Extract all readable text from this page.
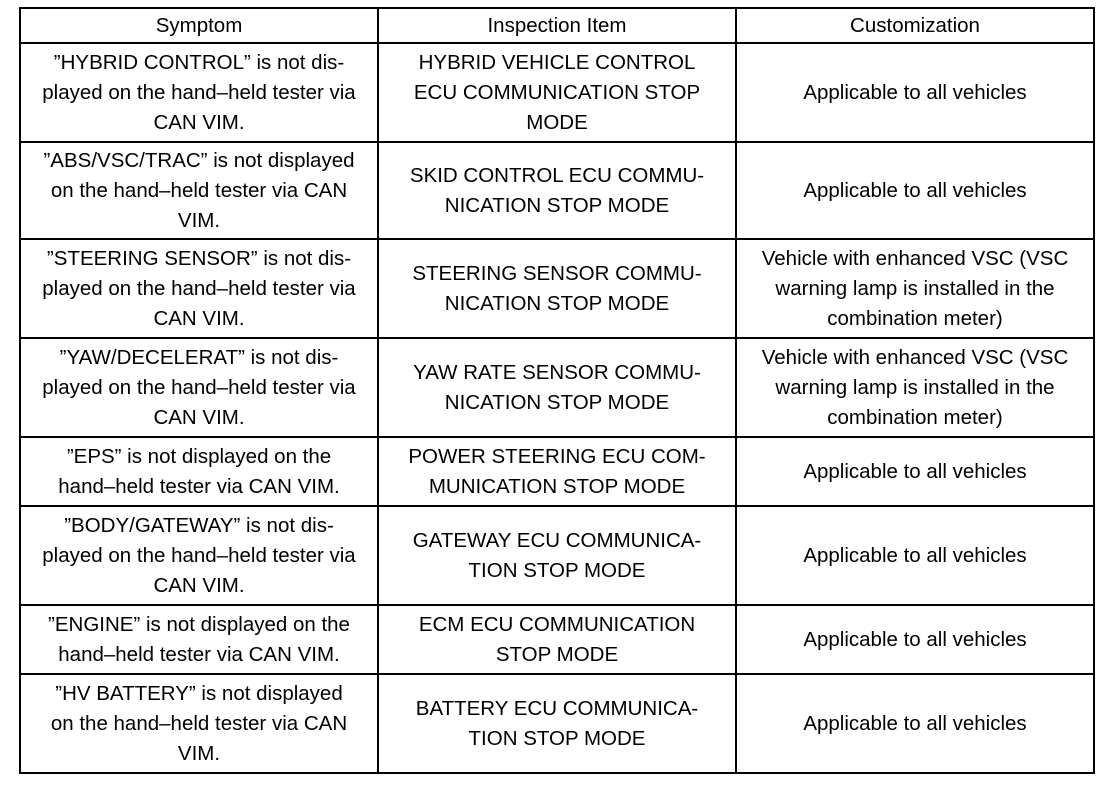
Symptom	Inspection Item	Customization
”HYBRID CONTROL” is not dis-
played on the hand–held tester via
CAN VIM.	HYBRID VEHICLE CONTROL
ECU COMMUNICATION STOP
MODE	Applicable to all vehicles
”ABS/VSC/TRAC” is not displayed
on the hand–held tester via CAN
VIM.	SKID CONTROL ECU COMMU-
NICATION STOP MODE	Applicable to all vehicles
”STEERING SENSOR” is not dis-
played on the hand–held tester via
CAN VIM.	STEERING SENSOR COMMU-
NICATION STOP MODE	Vehicle with enhanced VSC (VSC
warning lamp is installed in the
combination meter)
”YAW/DECELERAT” is not dis-
played on the hand–held tester via
CAN VIM.	YAW RATE SENSOR COMMU-
NICATION STOP MODE	Vehicle with enhanced VSC (VSC
warning lamp is installed in the
combination meter)
”EPS” is not displayed on the
hand–held tester via CAN VIM.	POWER STEERING ECU COM-
MUNICATION STOP MODE	Applicable to all vehicles
”BODY/GATEWAY” is not dis-
played on the hand–held tester via
CAN VIM.	GATEWAY ECU COMMUNICA-
TION STOP MODE	Applicable to all vehicles
”ENGINE” is not displayed on the
hand–held tester via CAN VIM.	ECM ECU COMMUNICATION
STOP MODE	Applicable to all vehicles
”HV BATTERY” is not displayed
on the hand–held tester via CAN
VIM.	BATTERY ECU COMMUNICA-
TION STOP MODE	Applicable to all vehicles
